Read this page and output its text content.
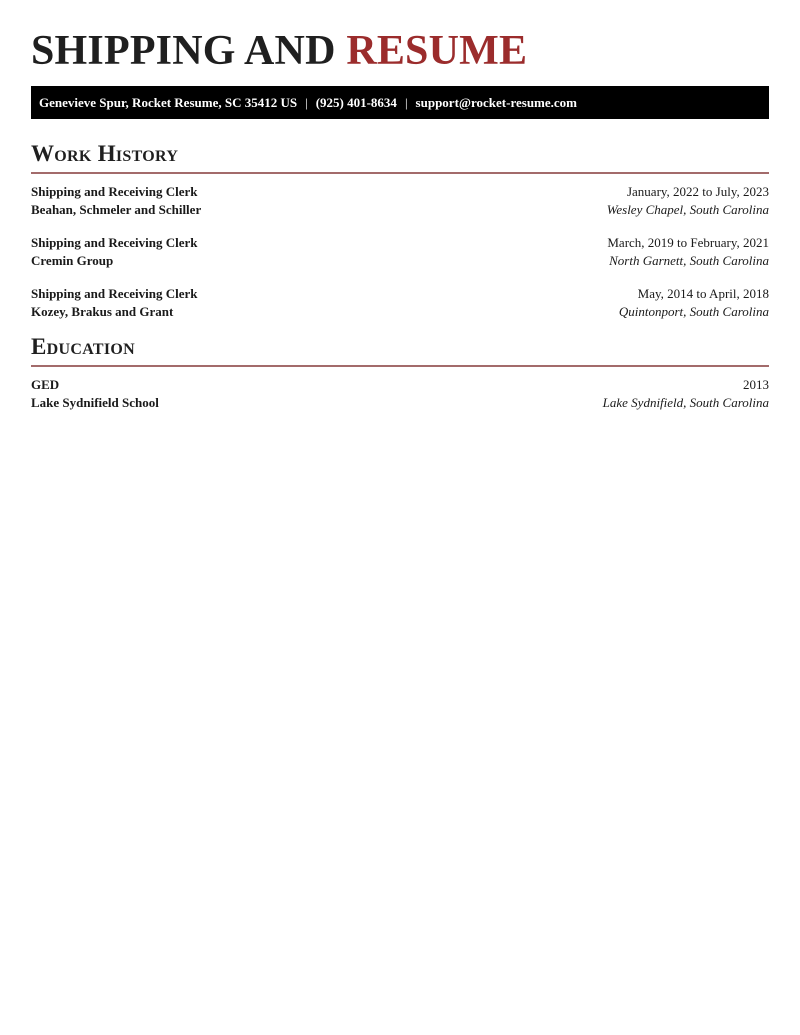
SHIPPING AND RESUME
Genevieve Spur, Rocket Resume, SC 35412 US | (925) 401-8634 | support@rocket-resume.com
Work History
Shipping and Receiving Clerk	January, 2022 to July, 2023
Beahan, Schmeler and Schiller	Wesley Chapel, South Carolina
Shipping and Receiving Clerk	March, 2019 to February, 2021
Cremin Group	North Garnett, South Carolina
Shipping and Receiving Clerk	May, 2014 to April, 2018
Kozey, Brakus and Grant	Quintonport, South Carolina
Education
GED	2013
Lake Sydnifield School	Lake Sydnifield, South Carolina
